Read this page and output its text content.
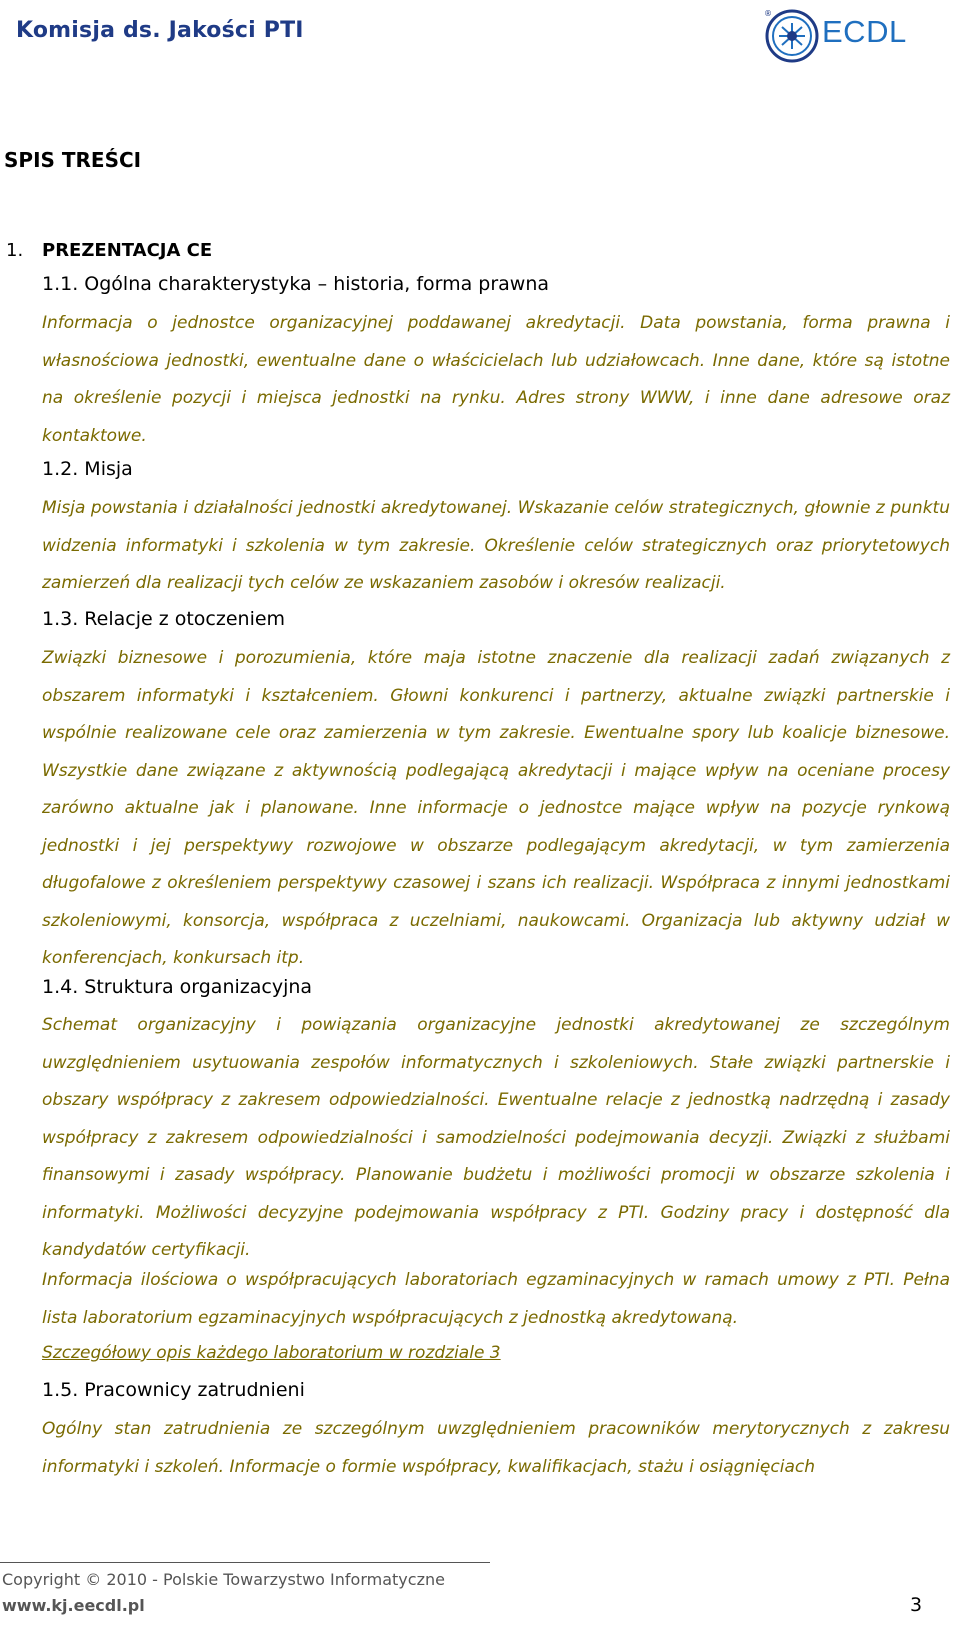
Komisja ds. Jakości PTI
®
ECDL
SPIS TREŚCI
1. PREZENTACJA CE
1.1. Ogólna charakterystyka – historia, forma prawna
Informacja o jednostce organizacyjnej poddawanej akredytacji. Data powstania, forma prawna i własnościowa jednostki, ewentualne dane o właścicielach lub udziałowcach. Inne dane, które są istotne na określenie pozycji i miejsca jednostki na rynku. Adres strony WWW, i inne dane adresowe oraz kontaktowe.
1.2. Misja
Misja powstania i działalności jednostki akredytowanej. Wskazanie celów strategicznych, głownie z punktu widzenia informatyki i szkolenia w tym zakresie. Określenie celów strategicznych oraz priorytetowych zamierzeń dla realizacji tych celów ze wskazaniem zasobów i okresów realizacji.
1.3. Relacje z otoczeniem
Związki biznesowe i porozumienia, które maja istotne znaczenie dla realizacji zadań związanych z obszarem informatyki i kształceniem. Głowni konkurenci i partnerzy, aktualne związki partnerskie i wspólnie realizowane cele oraz zamierzenia w tym zakresie. Ewentualne spory lub koalicje biznesowe. Wszystkie dane związane z aktywnością podlegającą akredytacji i mające wpływ na oceniane procesy zarówno aktualne jak i planowane. Inne informacje o jednostce mające wpływ na pozycje rynkową jednostki i jej perspektywy rozwojowe w obszarze podlegającym akredytacji, w tym zamierzenia długofalowe z określeniem perspektywy czasowej i szans ich realizacji. Współpraca z innymi jednostkami szkoleniowymi, konsorcja, współpraca z uczelniami, naukowcami. Organizacja lub aktywny udział w konferencjach, konkursach itp.
1.4. Struktura organizacyjna
Schemat organizacyjny i powiązania organizacyjne jednostki akredytowanej ze szczególnym uwzględnieniem usytuowania zespołów informatycznych i szkoleniowych. Stałe związki partnerskie i obszary współpracy z zakresem odpowiedzialności. Ewentualne relacje z jednostką nadrzędną i zasady współpracy z zakresem odpowiedzialności i samodzielności podejmowania decyzji. Związki z służbami finansowymi i zasady współpracy. Planowanie budżetu i możliwości promocji w obszarze szkolenia i informatyki. Możliwości decyzyjne podejmowania współpracy z PTI. Godziny pracy i dostępność dla kandydatów certyfikacji.
Informacja ilościowa o współpracujących laboratoriach egzaminacyjnych w ramach umowy z PTI. Pełna lista laboratorium egzaminacyjnych współpracujących z jednostką akredytowaną.
Szczegółowy opis każdego laboratorium w rozdziale 3
1.5. Pracownicy zatrudnieni
Ogólny stan zatrudnienia ze szczególnym uwzględnieniem pracowników merytorycznych z zakresu informatyki i szkoleń. Informacje o formie współpracy, kwalifikacjach, stażu i osiągnięciach
Copyright © 2010 - Polskie Towarzystwo Informatyczne
www.kj.eecdl.pl	3
